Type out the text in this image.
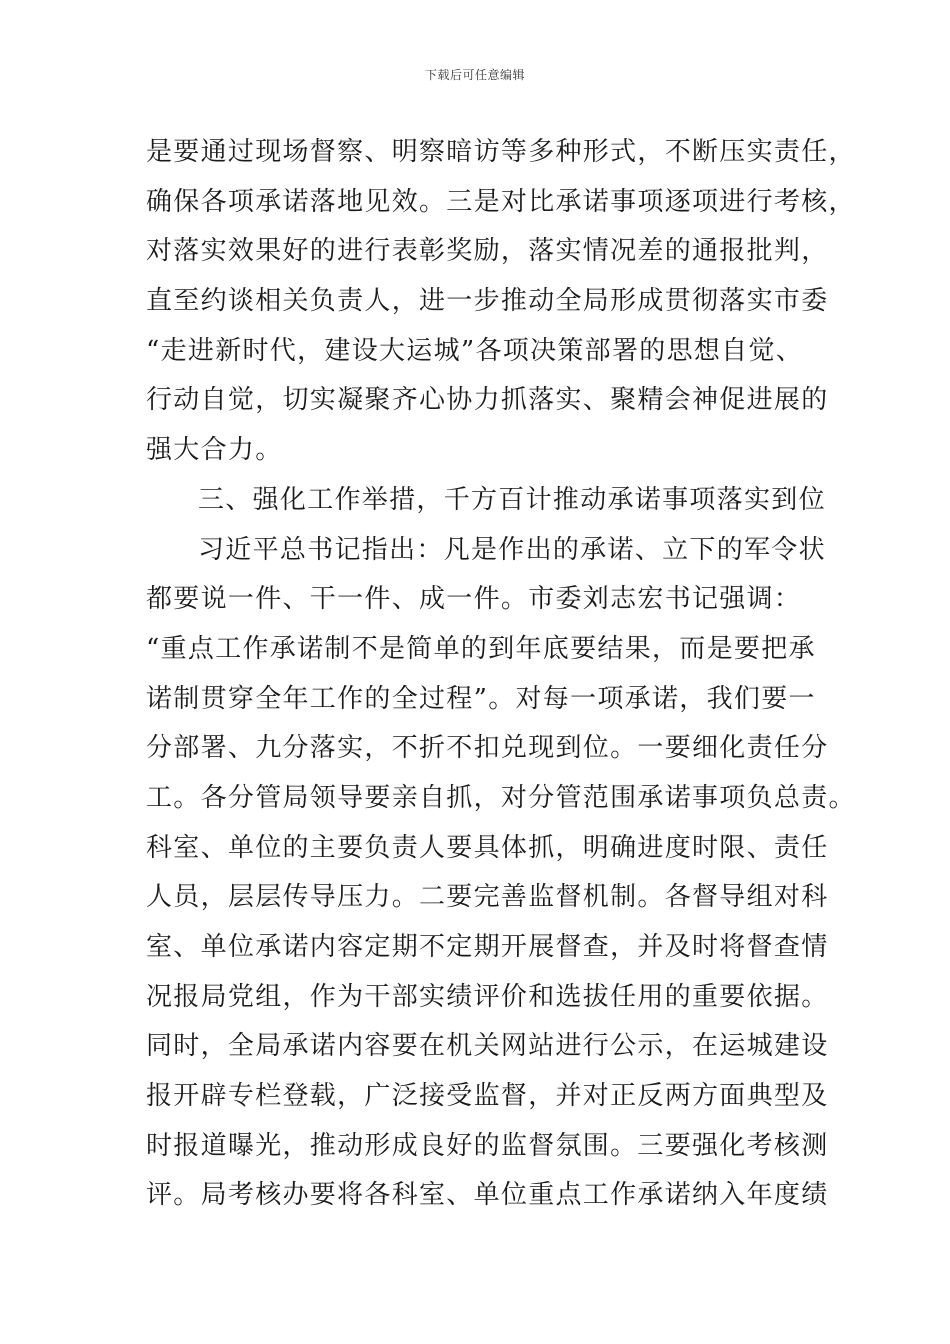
下载后可任意编辑
是要通过现场督察、明察暗访等多种形式，不断压实责任，
确保各项承诺落地见效。三是对比承诺事项逐项进行考核，
对落实效果好的进行表彰奖励，落实情况差的通报批判，
直至约谈相关负责人，进一步推动全局形成贯彻落实市委
“走进新时代，建设大运城”各项决策部署的思想自觉、
行动自觉，切实凝聚齐心协力抓落实、聚精会神促进展的
强大合力。
三、强化工作举措，千方百计推动承诺事项落实到位
习近平总书记指出：凡是作出的承诺、立下的军令状
都要说一件、干一件、成一件。市委刘志宏书记强调：
“重点工作承诺制不是简单的到年底要结果，而是要把承
诺制贯穿全年工作的全过程”。对每一项承诺，我们要一
分部署、九分落实，不折不扣兑现到位。一要细化责任分
工。各分管局领导要亲自抓，对分管范围承诺事项负总责。
科室、单位的主要负责人要具体抓，明确进度时限、责任
人员，层层传导压力。二要完善监督机制。各督导组对科
室、单位承诺内容定期不定期开展督查，并及时将督查情
况报局党组，作为干部实绩评价和选拔任用的重要依据。
同时，全局承诺内容要在机关网站进行公示，在运城建设
报开辟专栏登载，广泛接受监督，并对正反两方面典型及
时报道曝光，推动形成良好的监督氛围。三要强化考核测
评。局考核办要将各科室、单位重点工作承诺纳入年度绩
